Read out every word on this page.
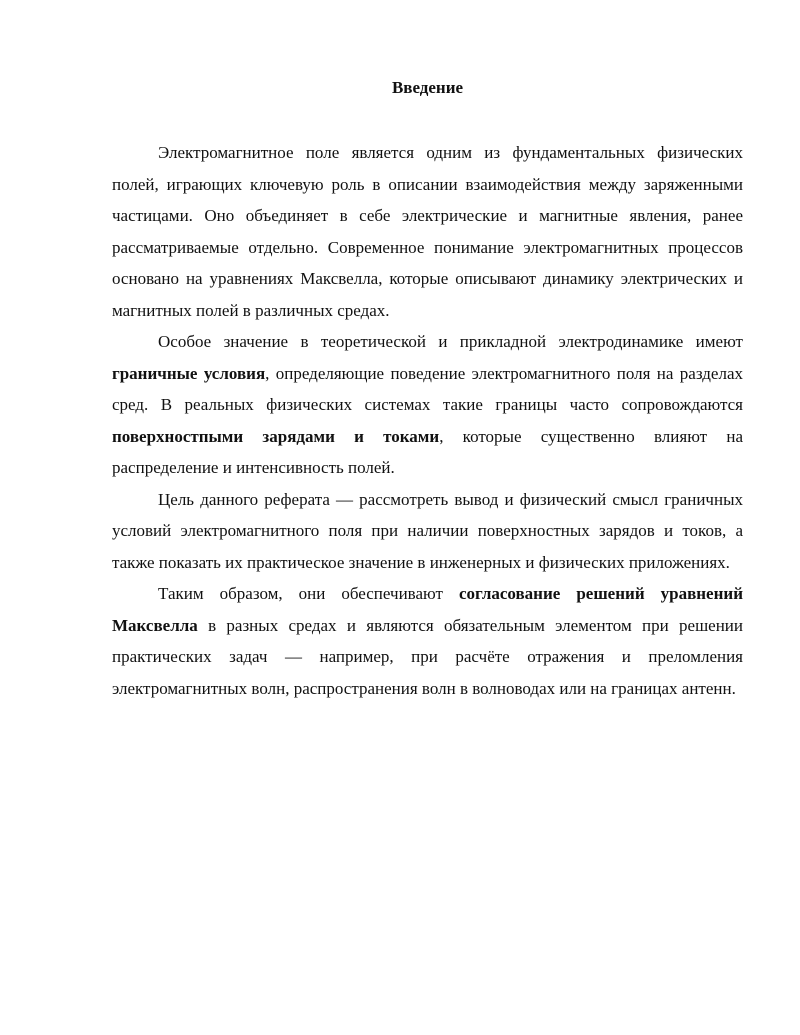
Введение

Электромагнитное поле является одним из фундаментальных физических полей, играющих ключевую роль в описании взаимодействия между заряженными частицами. Оно объединяет в себе электрические и магнитные явления, ранее рассматриваемые отдельно. Современное понимание электромагнитных процессов основано на уравнениях Максвелла, которые описывают динамику электрических и магнитных полей в различных средах.

Особое значение в теоретической и прикладной электродинамике имеют граничные условия, определяющие поведение электромагнитного поля на разделах сред. В реальных физических системах такие границы часто сопровождаются поверхностпыми зарядами и токами, которые существенно влияют на распределение и интенсивность полей.

Цель данного реферата — рассмотреть вывод и физический смысл граничных условий электромагнитного поля при наличии поверхностных зарядов и токов, а также показать их практическое значение в инженерных и физических приложениях.

Таким образом, они обеспечивают согласование решений уравнений Максвелла в разных средах и являются обязательным элементом при решении практических задач — например, при расчёте отражения и преломления электромагнитных волн, распространения волн в волноводах или на границах антенн.
